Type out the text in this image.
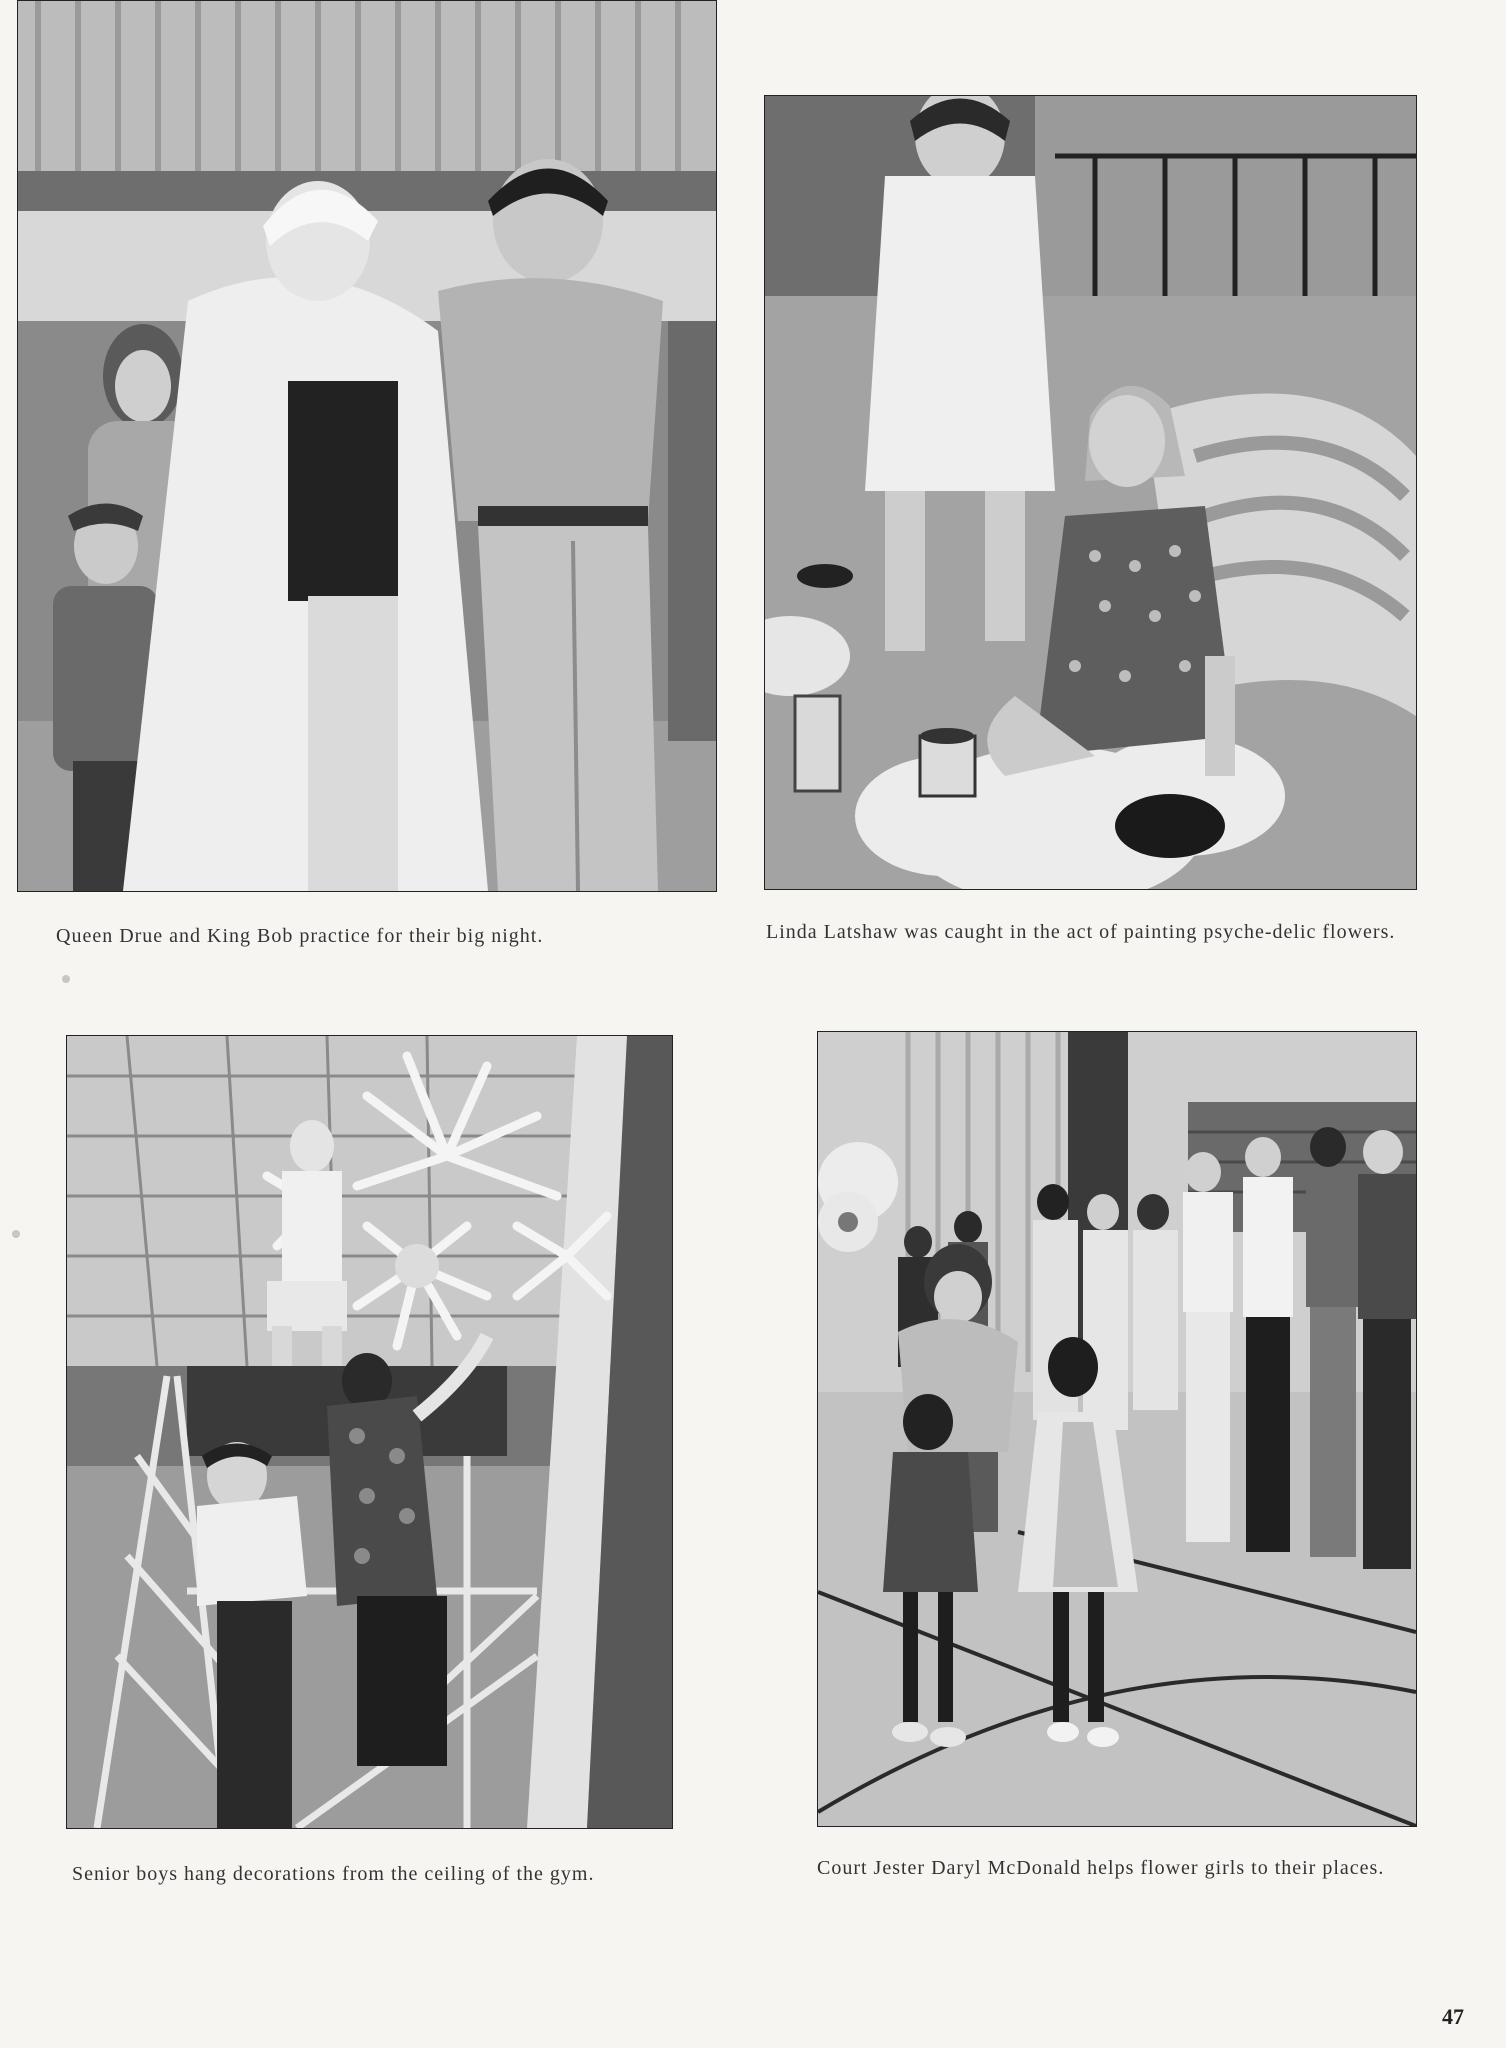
Queen Drue and King Bob practice for their big night.	Linda Latshaw was caught in the act of painting psyche-delic flowers.

Senior boys hang decorations from the ceiling of the gym.	Court Jester Daryl McDonald helps flower girls to their places.

47
